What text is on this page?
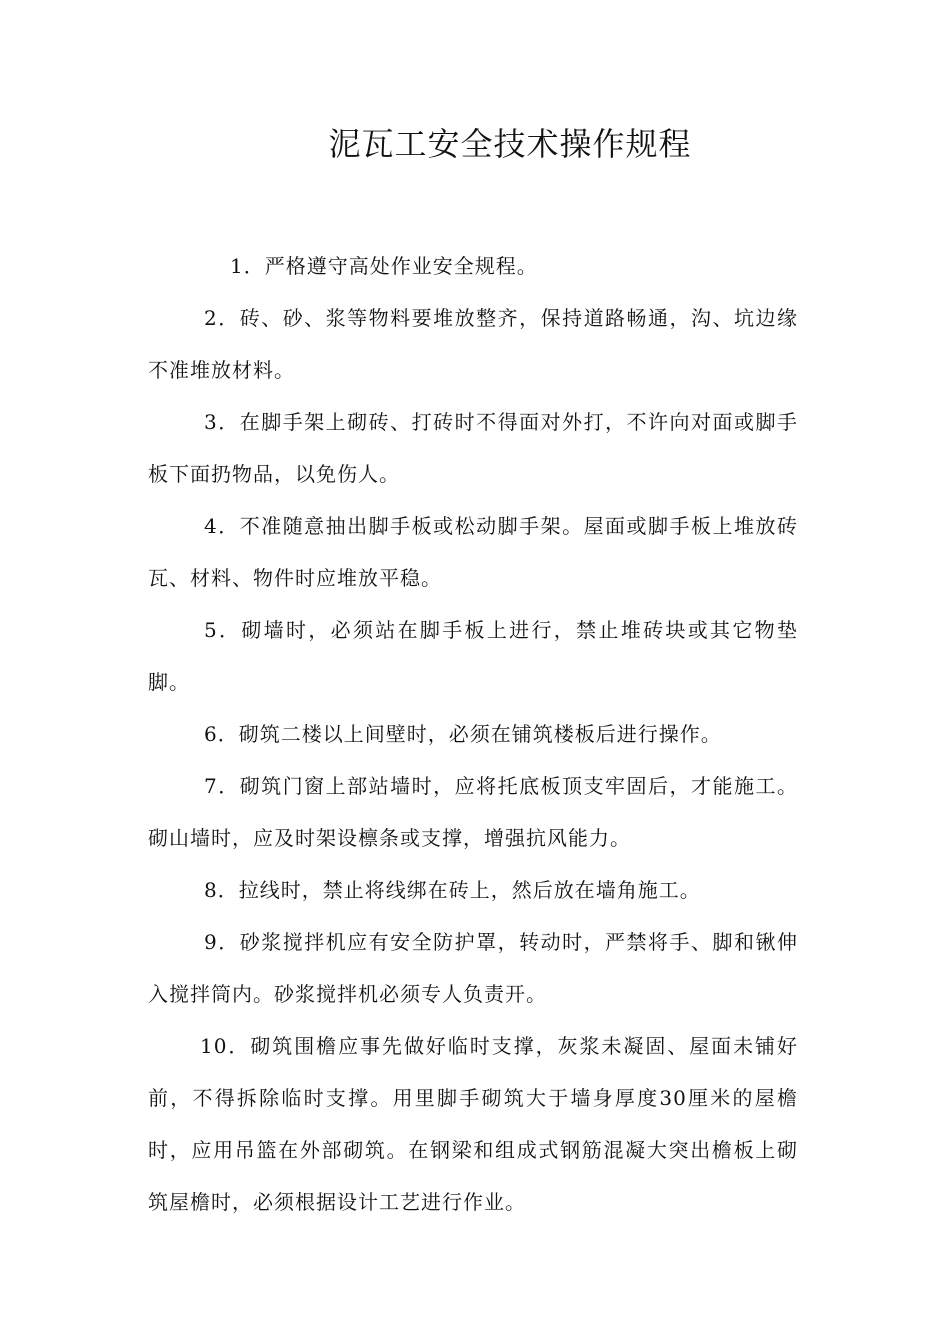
泥瓦工安全技术操作规程

1．严格遵守高处作业安全规程。

2．砖、砂、浆等物料要堆放整齐，保持道路畅通，沟、坑边缘不准堆放材料。

3．在脚手架上砌砖、打砖时不得面对外打，不许向对面或脚手板下面扔物品，以免伤人。

4．不准随意抽出脚手板或松动脚手架。屋面或脚手板上堆放砖瓦、材料、物件时应堆放平稳。

5．砌墙时，必须站在脚手板上进行，禁止堆砖块或其它物垫脚。

6．砌筑二楼以上间壁时，必须在铺筑楼板后进行操作。

7．砌筑门窗上部站墙时，应将托底板顶支牢固后，才能施工。砌山墙时，应及时架设檩条或支撑，增强抗风能力。

8．拉线时，禁止将线绑在砖上，然后放在墙角施工。

9．砂浆搅拌机应有安全防护罩，转动时，严禁将手、脚和锹伸入搅拌筒内。砂浆搅拌机必须专人负责开。

10．砌筑围檐应事先做好临时支撑，灰浆未凝固、屋面未铺好前，不得拆除临时支撑。用里脚手砌筑大于墙身厚度30厘米的屋檐时，应用吊篮在外部砌筑。在钢梁和组成式钢筋混凝大突出檐板上砌筑屋檐时，必须根据设计工艺进行作业。
